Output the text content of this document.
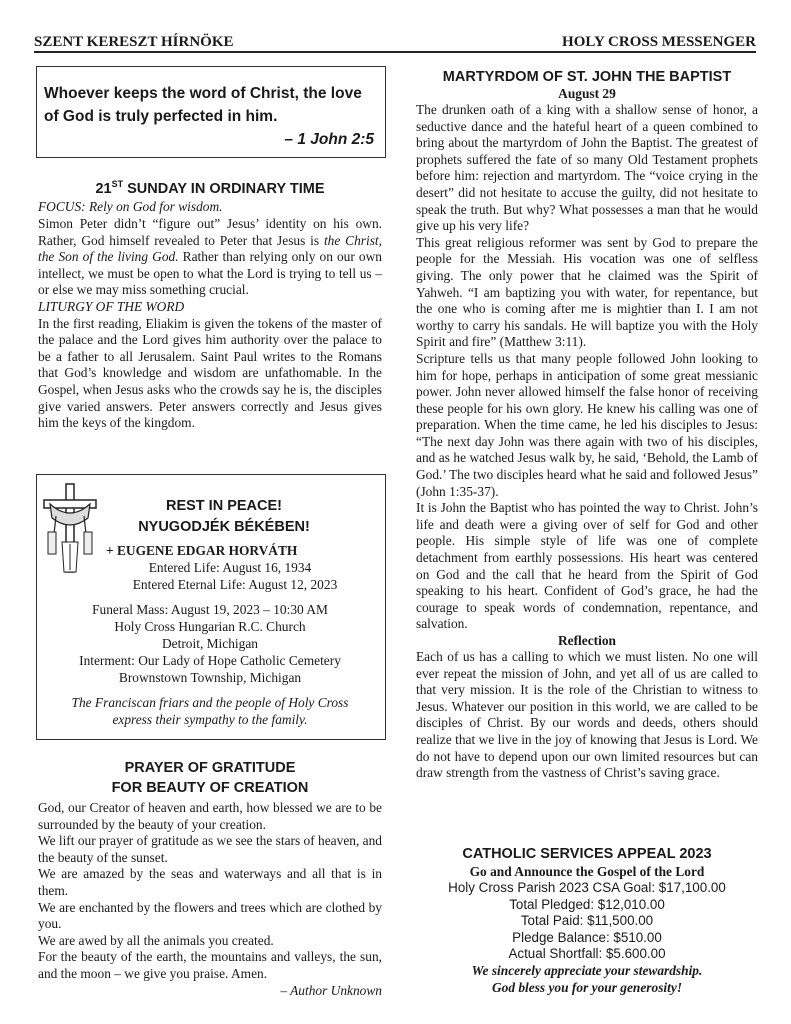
SZENT KERESZT HÍRNÖKE	HOLY CROSS MESSENGER
Whoever keeps the word of Christ, the love of God is truly perfected in him.
– 1 John 2:5
21ST SUNDAY IN ORDINARY TIME

FOCUS: Rely on God for wisdom.

Simon Peter didn’t “figure out” Jesus’ identity on his own. Rather, God himself revealed to Peter that Jesus is the Christ, the Son of the living God. Rather than relying only on our own intellect, we must be open to what the Lord is trying to tell us – or else we may miss something crucial.

LITURGY OF THE WORD

In the first reading, Eliakim is given the tokens of the master of the palace and the Lord gives him authority over the palace to be a father to all Jerusalem. Saint Paul writes to the Romans that God’s knowledge and wisdom are unfathomable. In the Gospel, when Jesus asks who the crowds say he is, the disciples give varied answers. Peter answers correctly and Jesus gives him the keys of the kingdom.

REST IN PEACE!
NYUGODJÉK BÉKÉBEN!
+ EUGENE EDGAR HORVÁTH
Entered Life: August 16, 1934
Entered Eternal Life: August 12, 2023
Funeral Mass: August 19, 2023 – 10:30 AM
Holy Cross Hungarian R.C. Church
Detroit, Michigan
Interment: Our Lady of Hope Catholic Cemetery
Brownstown Township, Michigan
The Franciscan friars and the people of Holy Cross
express their sympathy to the family.
PRAYER OF GRATITUDE
FOR BEAUTY OF CREATION

God, our Creator of heaven and earth, how blessed we are to be surrounded by the beauty of your creation.

We lift our prayer of gratitude as we see the stars of heaven, and the beauty of the sunset.

We are amazed by the seas and waterways and all that is in them.

We are enchanted by the flowers and trees which are clothed by you.

We are awed by all the animals you created.

For the beauty of the earth, the mountains and valleys, the sun, and the moon – we give you praise. Amen.

– Author Unknown

MARTYRDOM OF ST. JOHN THE BAPTIST
August 29

The drunken oath of a king with a shallow sense of honor, a seductive dance and the hateful heart of a queen combined to bring about the martyrdom of John the Baptist. The greatest of prophets suffered the fate of so many Old Testament prophets before him: rejection and martyrdom. The “voice crying in the desert” did not hesitate to accuse the guilty, did not hesitate to speak the truth. But why? What possesses a man that he would give up his very life?

This great religious reformer was sent by God to prepare the people for the Messiah. His vocation was one of selfless giving. The only power that he claimed was the Spirit of Yahweh. “I am baptizing you with water, for repentance, but the one who is coming after me is mightier than I. I am not worthy to carry his sandals. He will baptize you with the Holy Spirit and fire” (Matthew 3:11).

Scripture tells us that many people followed John looking to him for hope, perhaps in anticipation of some great messianic power. John never allowed himself the false honor of receiving these people for his own glory. He knew his calling was one of preparation. When the time came, he led his disciples to Jesus: “The next day John was there again with two of his disciples, and as he watched Jesus walk by, he said, ‘Behold, the Lamb of God.’ The two disciples heard what he said and followed Jesus” (John 1:35-37).

It is John the Baptist who has pointed the way to Christ. John’s life and death were a giving over of self for God and other people. His simple style of life was one of complete detachment from earthly possessions. His heart was centered on God and the call that he heard from the Spirit of God speaking to his heart. Confident of God’s grace, he had the courage to speak words of condemnation, repentance, and salvation.

Reflection

Each of us has a calling to which we must listen. No one will ever repeat the mission of John, and yet all of us are called to that very mission. It is the role of the Christian to witness to Jesus. Whatever our position in this world, we are called to be disciples of Christ. By our words and deeds, others should realize that we live in the joy of knowing that Jesus is Lord. We do not have to depend upon our own limited resources but can draw strength from the vastness of Christ’s saving grace.

CATHOLIC SERVICES APPEAL 2023
Go and Announce the Gospel of the Lord
Holy Cross Parish 2023 CSA Goal: $17,100.00
Total Pledged: $12,010.00
Total Paid: $11,500.00
Pledge Balance: $510.00
Actual Shortfall: $5.600.00
We sincerely appreciate your stewardship.
God bless you for your generosity!
